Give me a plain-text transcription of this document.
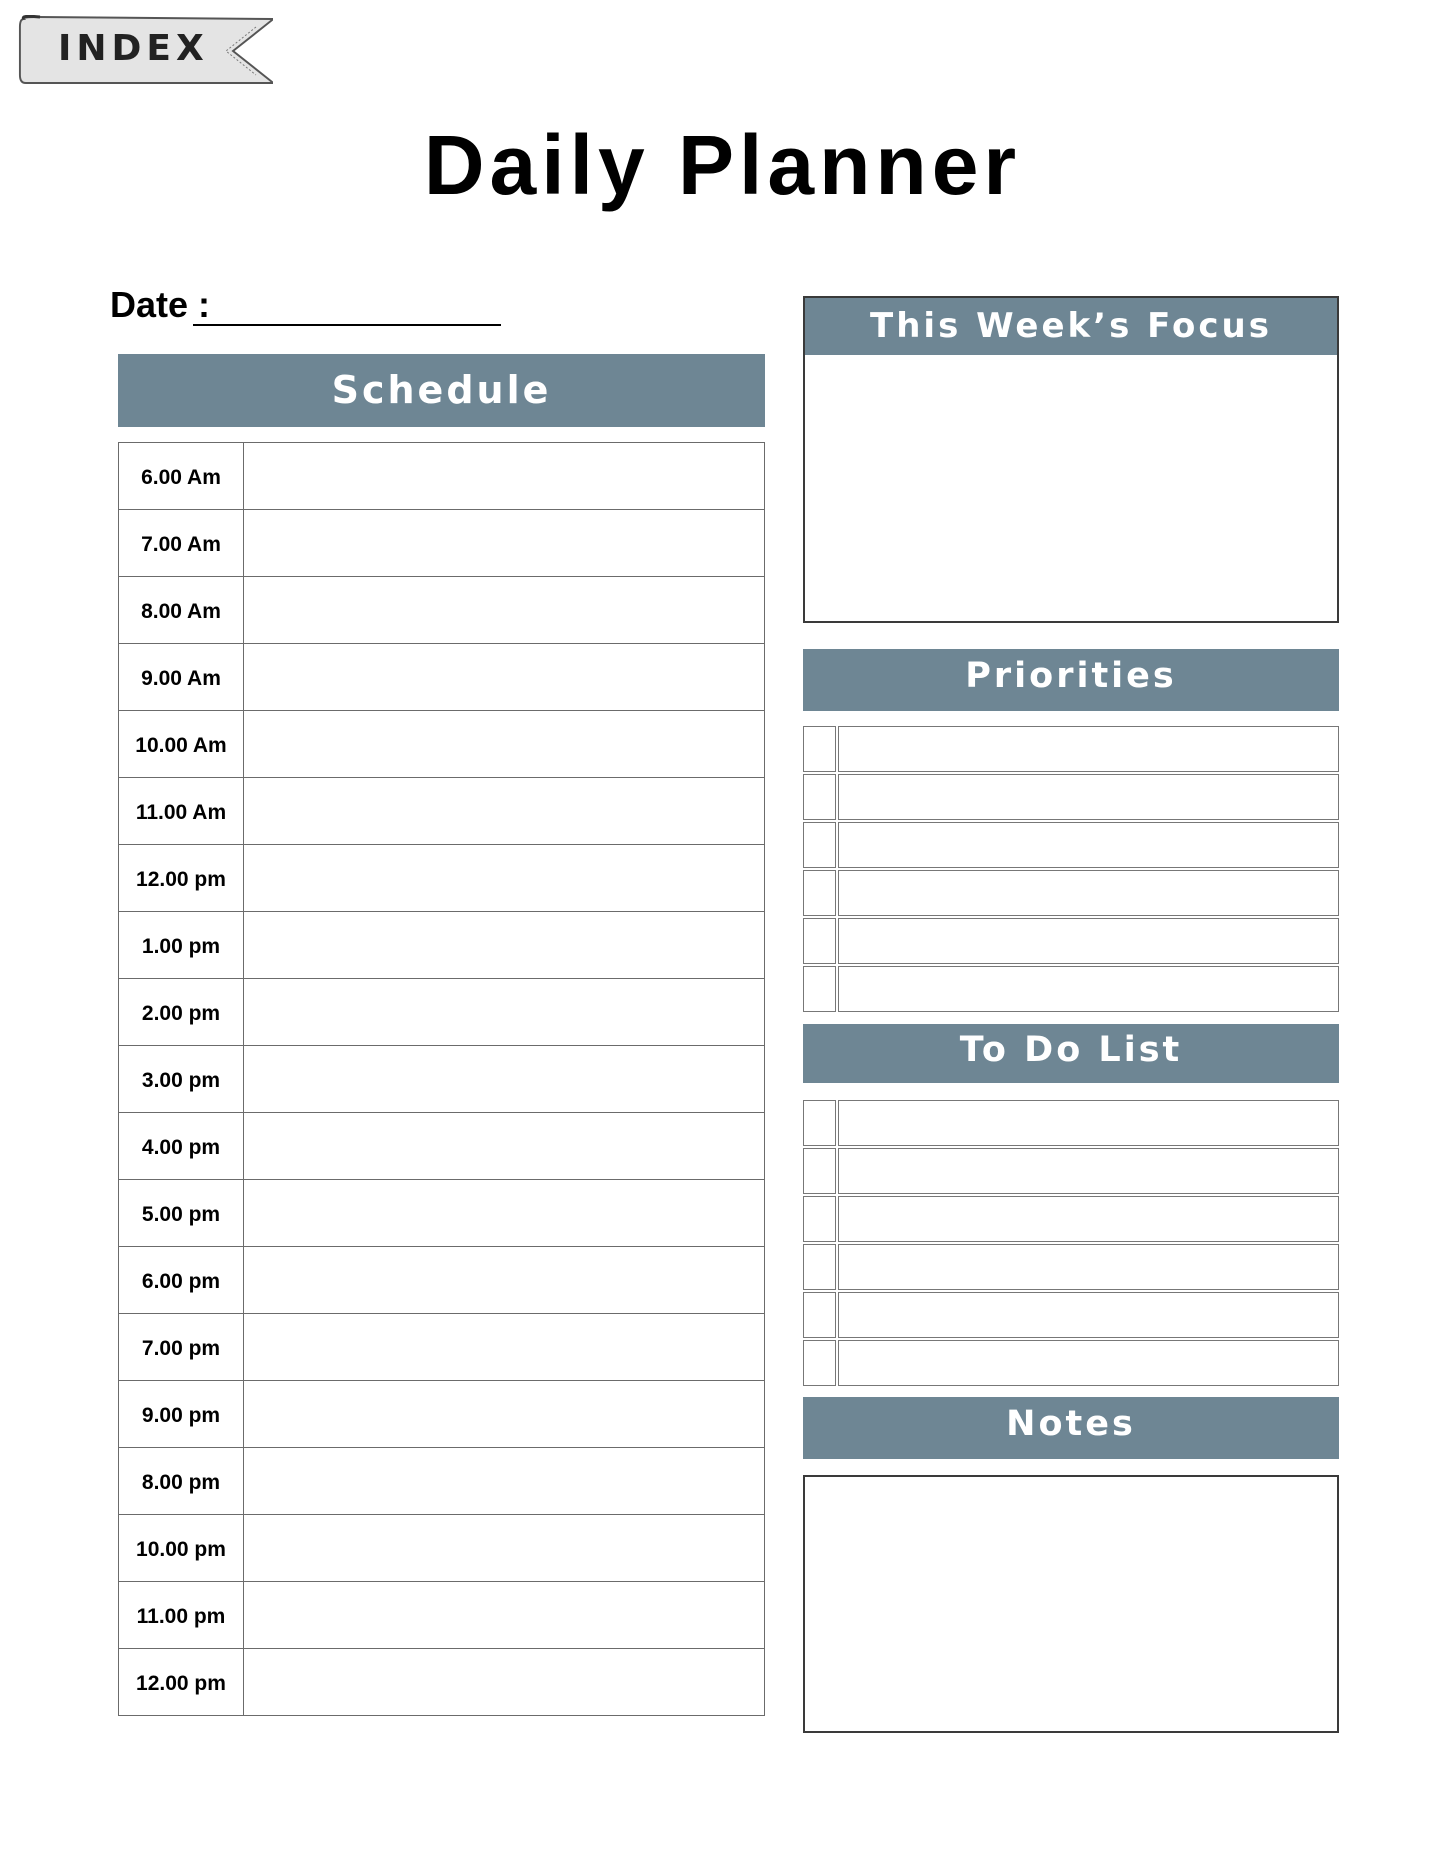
INDEX
Daily Planner
Date :
Schedule
6.00 Am	
7.00 Am	
8.00 Am	
9.00 Am	
10.00 Am	
11.00 Am	
12.00 pm	
1.00 pm	
2.00 pm	
3.00 pm	
4.00 pm	
5.00 pm	
6.00 pm	
7.00 pm	
9.00 pm	
8.00 pm	
10.00 pm	
11.00 pm	
12.00 pm	
This Week’s Focus
Priorities
To Do List
Notes
